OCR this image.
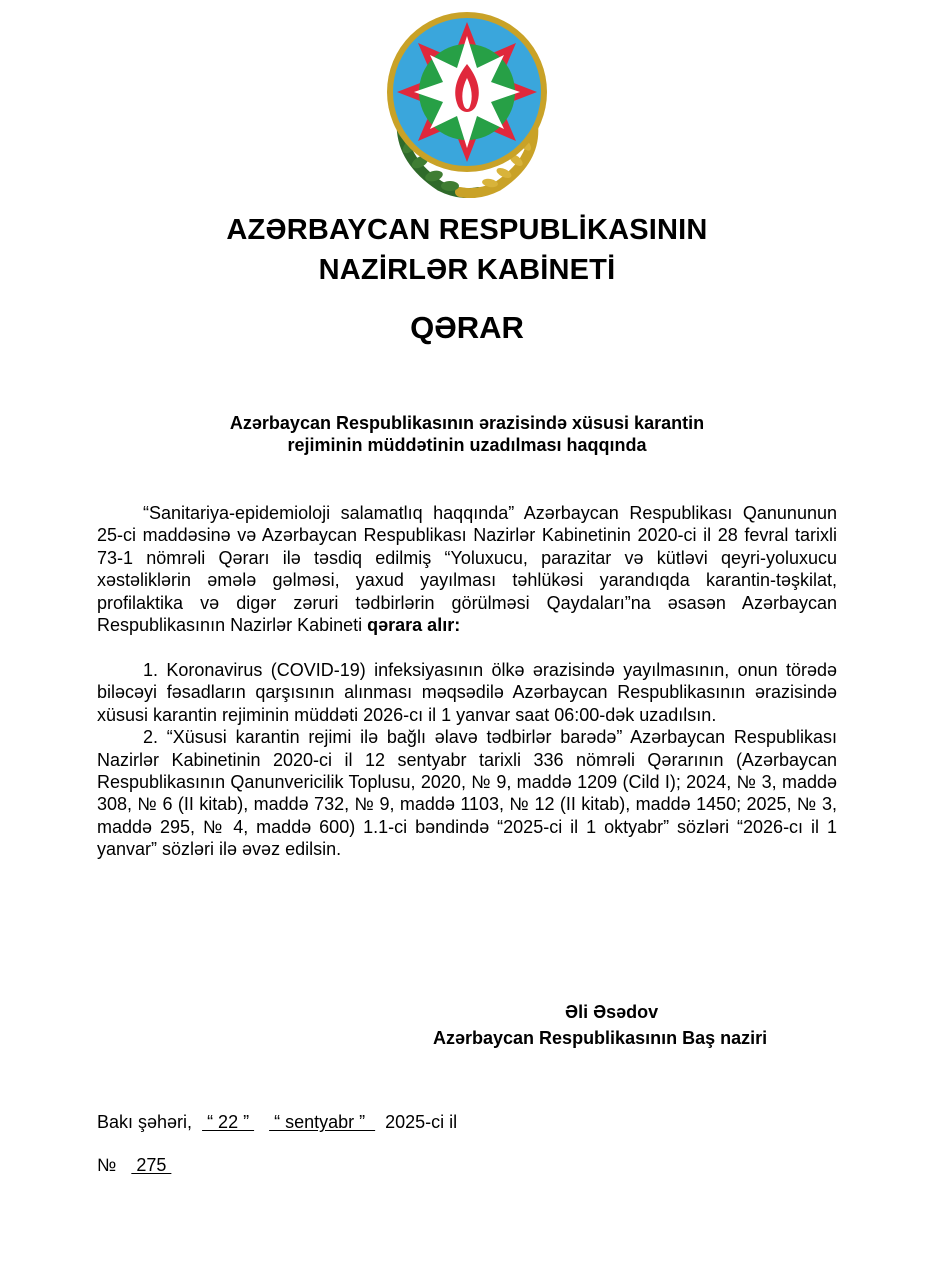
AZƏRBAYCAN RESPUBLİKASININ
NAZİRLƏR KABİNETİ
QƏRAR
Azərbaycan Respublikasının ərazisində xüsusi karantin
rejiminin müddətinin uzadılması haqqında

“Sanitariya-epidemioloji salamatlıq haqqında” Azərbaycan Respublikası Qanununun 25-ci maddəsinə və Azərbaycan Respublikası Nazirlər Kabinetinin 2020-ci il 28 fevral tarixli 73-1 nömrəli Qərarı ilə təsdiq edilmiş “Yoluxucu, parazitar və kütləvi qeyri-yoluxucu xəstəliklərin əmələ gəlməsi, yaxud yayılması təhlükəsi yarandıqda karantin-təşkilat, profilaktika və digər zəruri tədbirlərin görülməsi Qaydaları”na əsasən Azərbaycan Respublikasının Nazirlər Kabineti qərara alır:

1. Koronavirus (COVID-19) infeksiyasının ölkə ərazisində yayılmasının, onun törədə biləcəyi fəsadların qarşısının alınması məqsədilə Azərbaycan Respublikasının ərazisində xüsusi karantin rejiminin müddəti 2026-cı il 1 yanvar saat 06:00-dək uzadılsın.

2. “Xüsusi karantin rejimi ilə bağlı əlavə tədbirlər barədə” Azərbaycan Respublikası Nazirlər Kabinetinin 2020-ci il 12 sentyabr tarixli 336 nömrəli Qərarının (Azərbaycan Respublikasının Qanunvericilik Toplusu, 2020, № 9, maddə 1209 (Cild I); 2024, № 3, maddə 308, № 6 (II kitab), maddə 732, № 9, maddə 1103, № 12 (II kitab), maddə 1450; 2025, № 3, maddə 295, № 4, maddə 600) 1.1-ci bəndində “2025-ci il 1 oktyabr” sözləri “2026-cı il 1 yanvar” sözləri ilə əvəz edilsin.

Əli Əsədov
Azərbaycan Respublikasının Baş naziri
Bakı şəhəri,   “ 22 ”     “ sentyabr ”    2025-ci il
№    275
